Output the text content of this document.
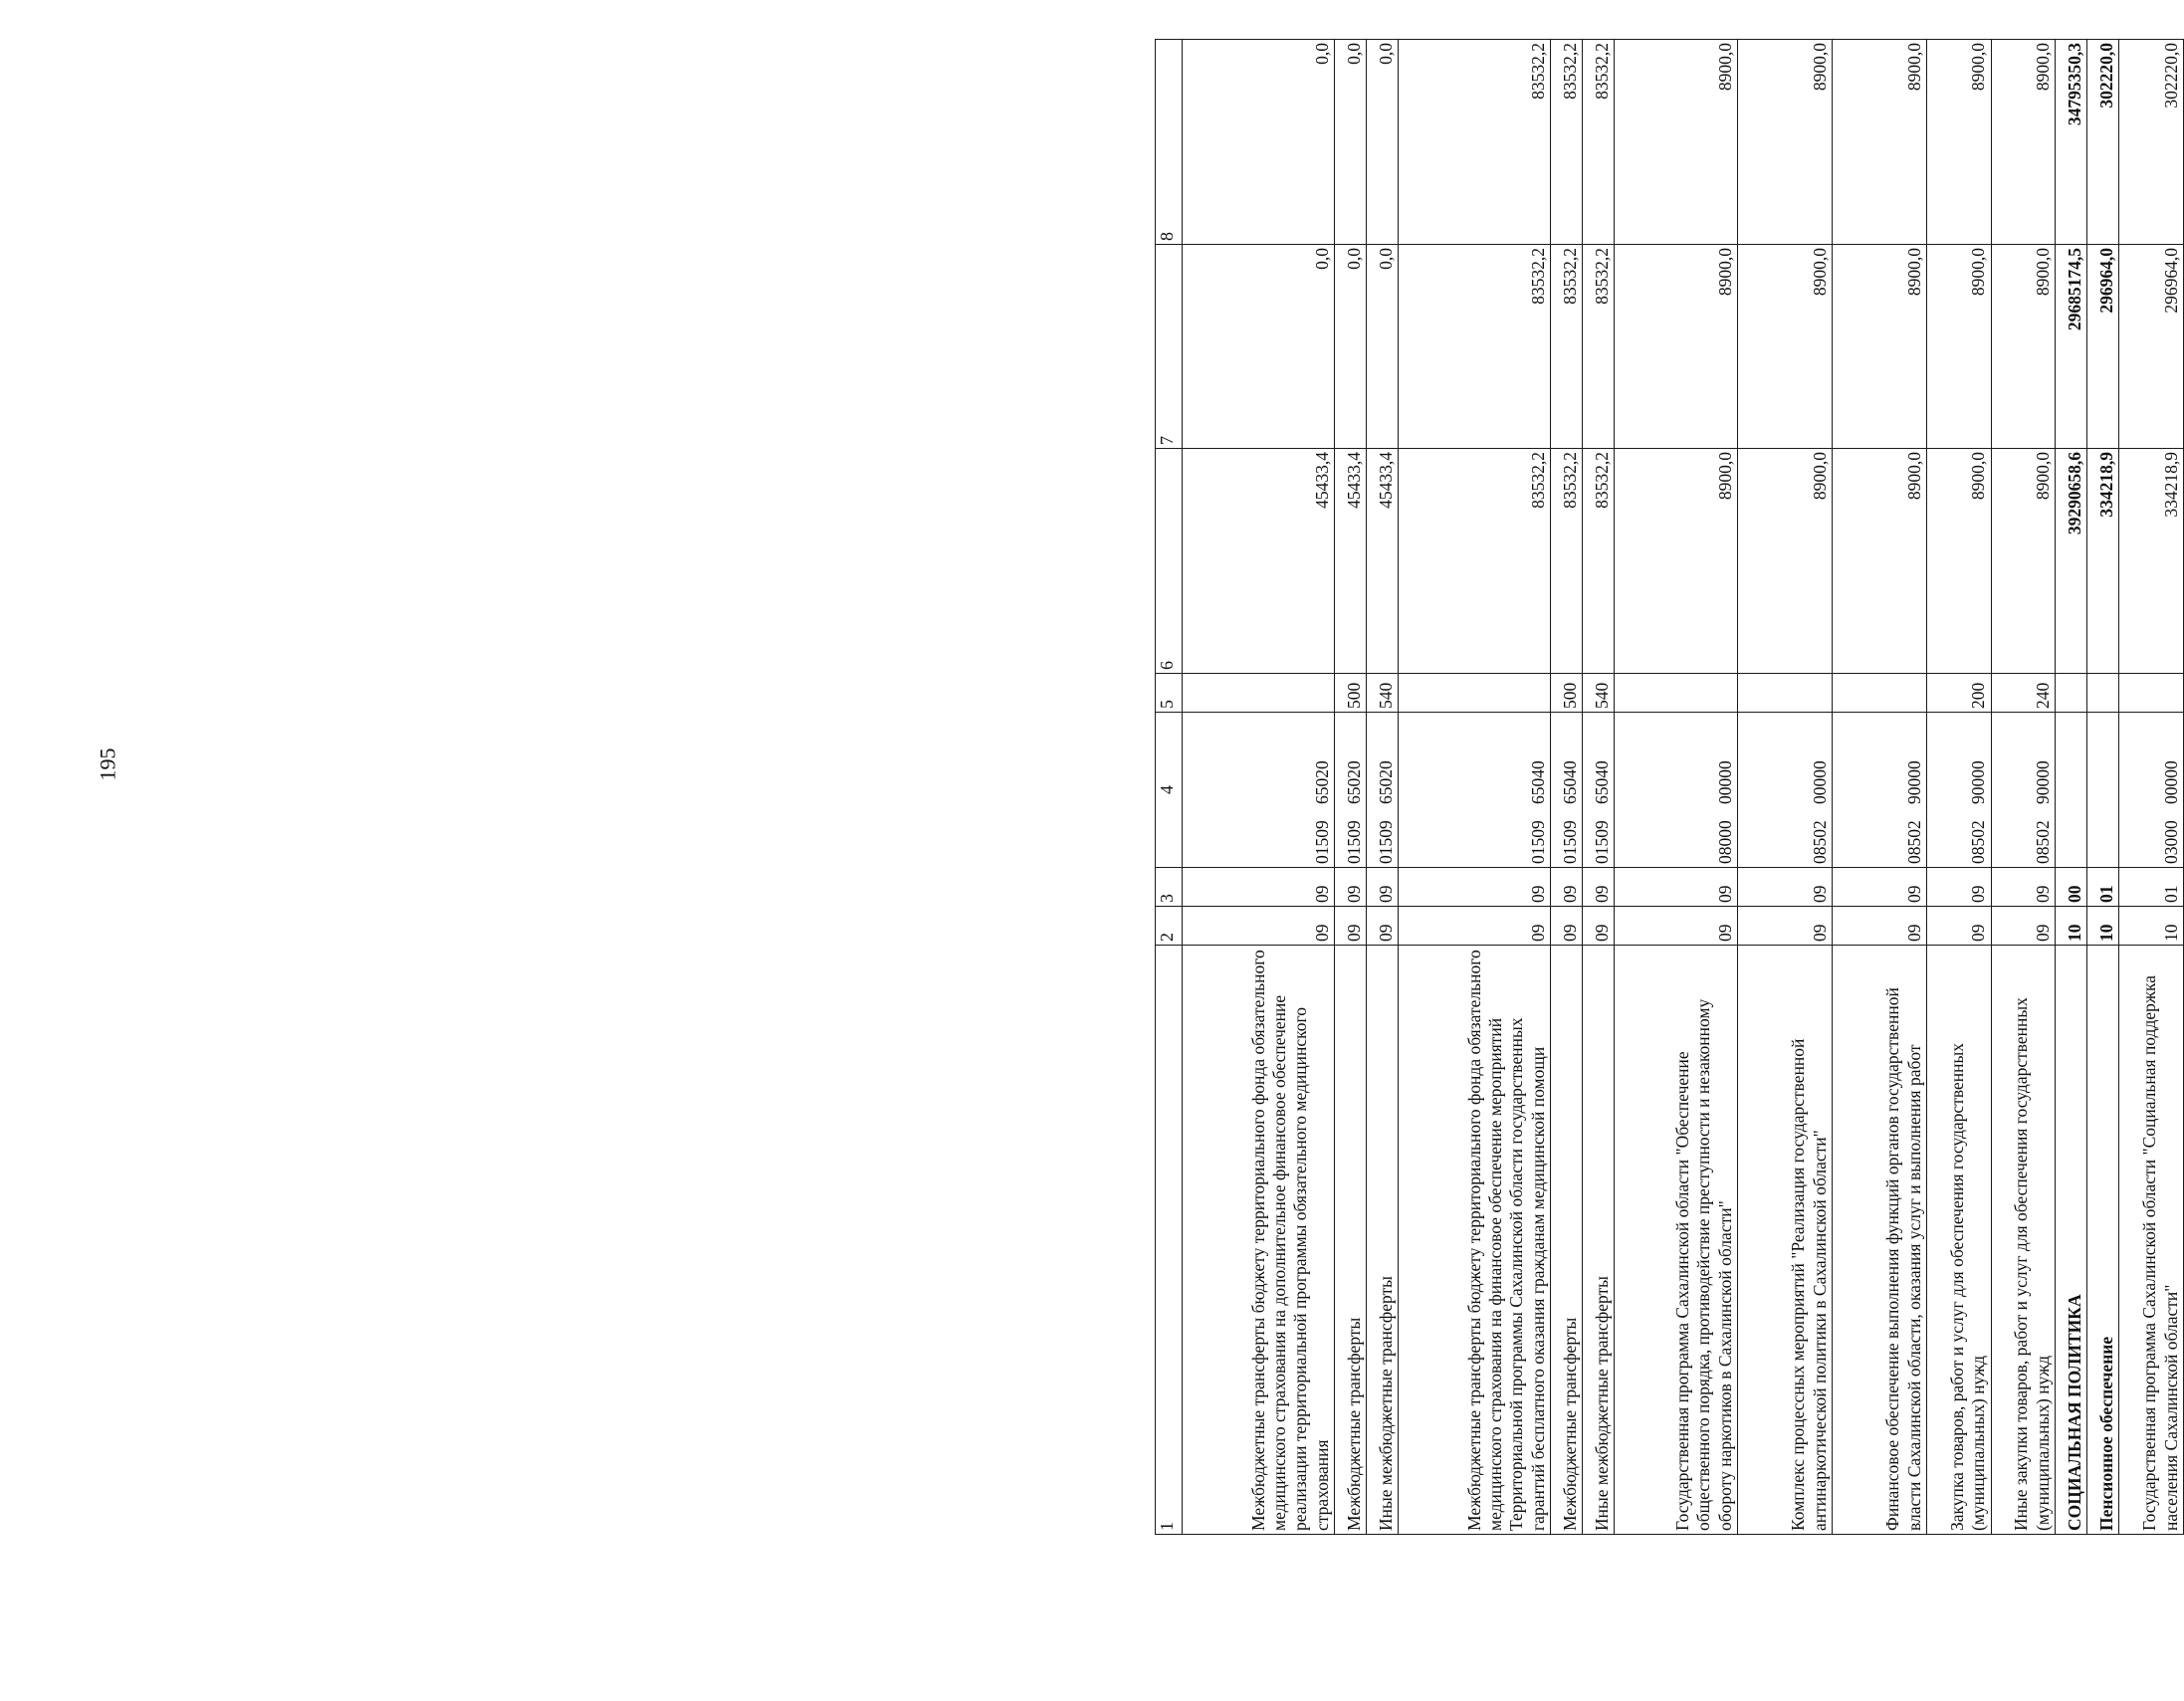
195
1	2	3	4	5	6	7	8
Межбюджетные трансферты бюджету территориального фонда обязательного медицинского страхования на дополнительное финансовое обеспечение реализации территориальной программы обязательного медицинского страхования	09	09	0150965020		45433,4	0,0	0,0
Межбюджетные трансферты	09	09	0150965020	500	45433,4	0,0	0,0
Иные межбюджетные трансферты	09	09	0150965020	540	45433,4	0,0	0,0
Межбюджетные трансферты бюджету территориального фонда обязательного медицинского страхования на финансовое обеспечение мероприятий Территориальной программы Сахалинской области государственных гарантий бесплатного оказания гражданам медицинской помощи	09	09	0150965040		83532,2	83532,2	83532,2
Межбюджетные трансферты	09	09	0150965040	500	83532,2	83532,2	83532,2
Иные межбюджетные трансферты	09	09	0150965040	540	83532,2	83532,2	83532,2
Государственная программа Сахалинской области "Обеспечение общественного порядка, противодействие преступности и незаконному обороту наркотиков в Сахалинской области"	09	09	0800000000		8900,0	8900,0	8900,0
Комплекс процессных мероприятий "Реализация государственной антинаркотической политики в Сахалинской области"	09	09	0850200000		8900,0	8900,0	8900,0
Финансовое обеспечение выполнения функций органов государственной власти Сахалинской области, оказания услуг и выполнения работ	09	09	0850290000		8900,0	8900,0	8900,0
Закупка товаров, работ и услуг для обеспечения государственных (муниципальных) нужд	09	09	0850290000	200	8900,0	8900,0	8900,0
Иные закупки товаров, работ и услуг для обеспечения государственных (муниципальных) нужд	09	09	0850290000	240	8900,0	8900,0	8900,0
СОЦИАЛЬНАЯ ПОЛИТИКА	10	00			39290658,6	29685174,5	34795350,3
Пенсионное обеспечение	10	01			334218,9	296964,0	302220,0
Государственная программа Сахалинской области "Социальная поддержка населения Сахалинской области"	10	01	0300000000		334218,9	296964,0	302220,0
